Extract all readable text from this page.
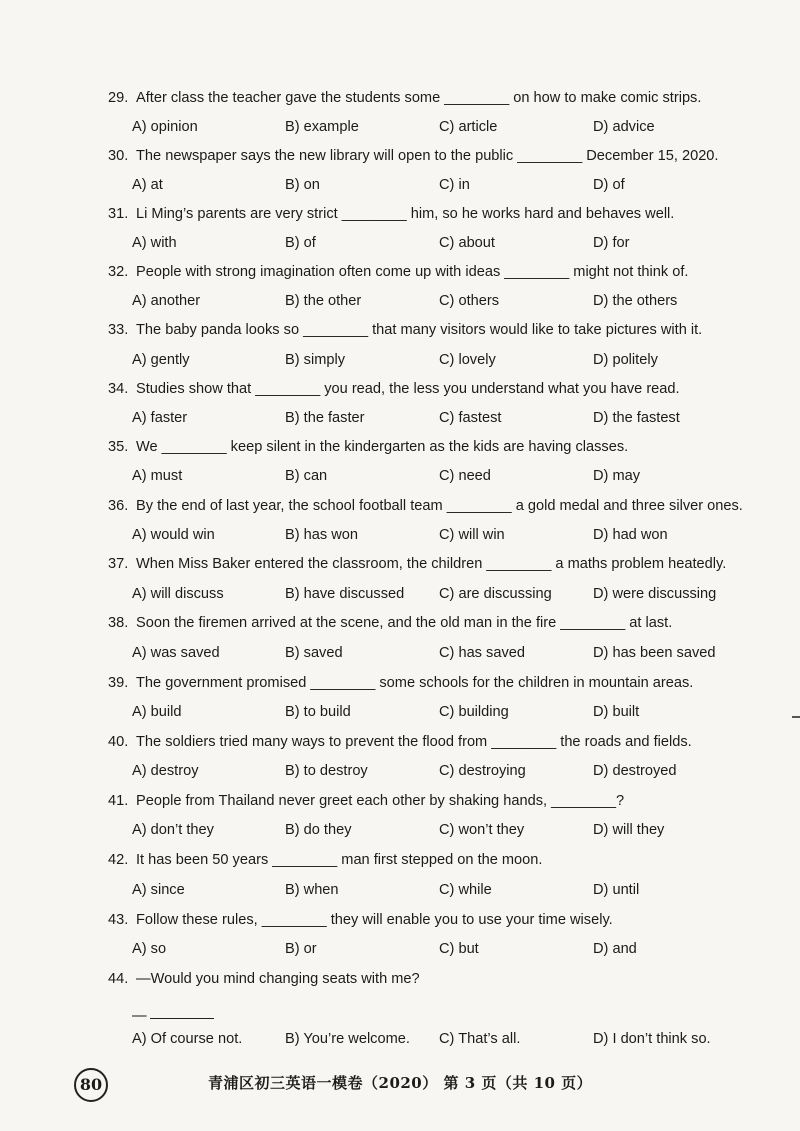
29. After class the teacher gave the students some ________ on how to make comic strips.
A) opinion	B) example	C) article	D) advice
30. The newspaper says the new library will open to the public ________ December 15, 2020.
A) at	B) on	C) in	D) of
31. Li Ming’s parents are very strict ________ him, so he works hard and behaves well.
A) with	B) of	C) about	D) for
32. People with strong imagination often come up with ideas ________ might not think of.
A) another	B) the other	C) others	D) the others
33. The baby panda looks so ________ that many visitors would like to take pictures with it.
A) gently	B) simply	C) lovely	D) politely
34. Studies show that ________ you read, the less you understand what you have read.
A) faster	B) the faster	C) fastest	D) the fastest
35. We ________ keep silent in the kindergarten as the kids are having classes.
A) must	B) can	C) need	D) may
36. By the end of last year, the school football team ________ a gold medal and three silver ones.
A) would win	B) has won	C) will win	D) had won
37. When Miss Baker entered the classroom, the children ________ a maths problem heatedly.
A) will discuss	B) have discussed C) are discussing	D) were discussing
38. Soon the firemen arrived at the scene, and the old man in the fire ________ at last.
A) was saved	B) saved	C) has saved	D) has been saved
39. The government promised ________ some schools for the children in mountain areas.
A) build	B) to build	C) building	D) built
40. The soldiers tried many ways to prevent the flood from ________ the roads and fields.
A) destroy	B) to destroy	C) destroying	D) destroyed
41. People from Thailand never greet each other by shaking hands, ________?
A) don’t they	B) do they	C) won’t they	D) will they
42. It has been 50 years ________ man first stepped on the moon.
A) since	B) when	C) while	D) until
43. Follow these rules, ________ they will enable you to use your time wisely.
A) so	B) or	C) but	D) and
44. —Would you mind changing seats with me?
—
A) Of course not.	B) You’re welcome. C) That’s all.	D) I don’t think so.
80	青浦区初三英语一模卷（2020） 第 3 页（共 10 页）
